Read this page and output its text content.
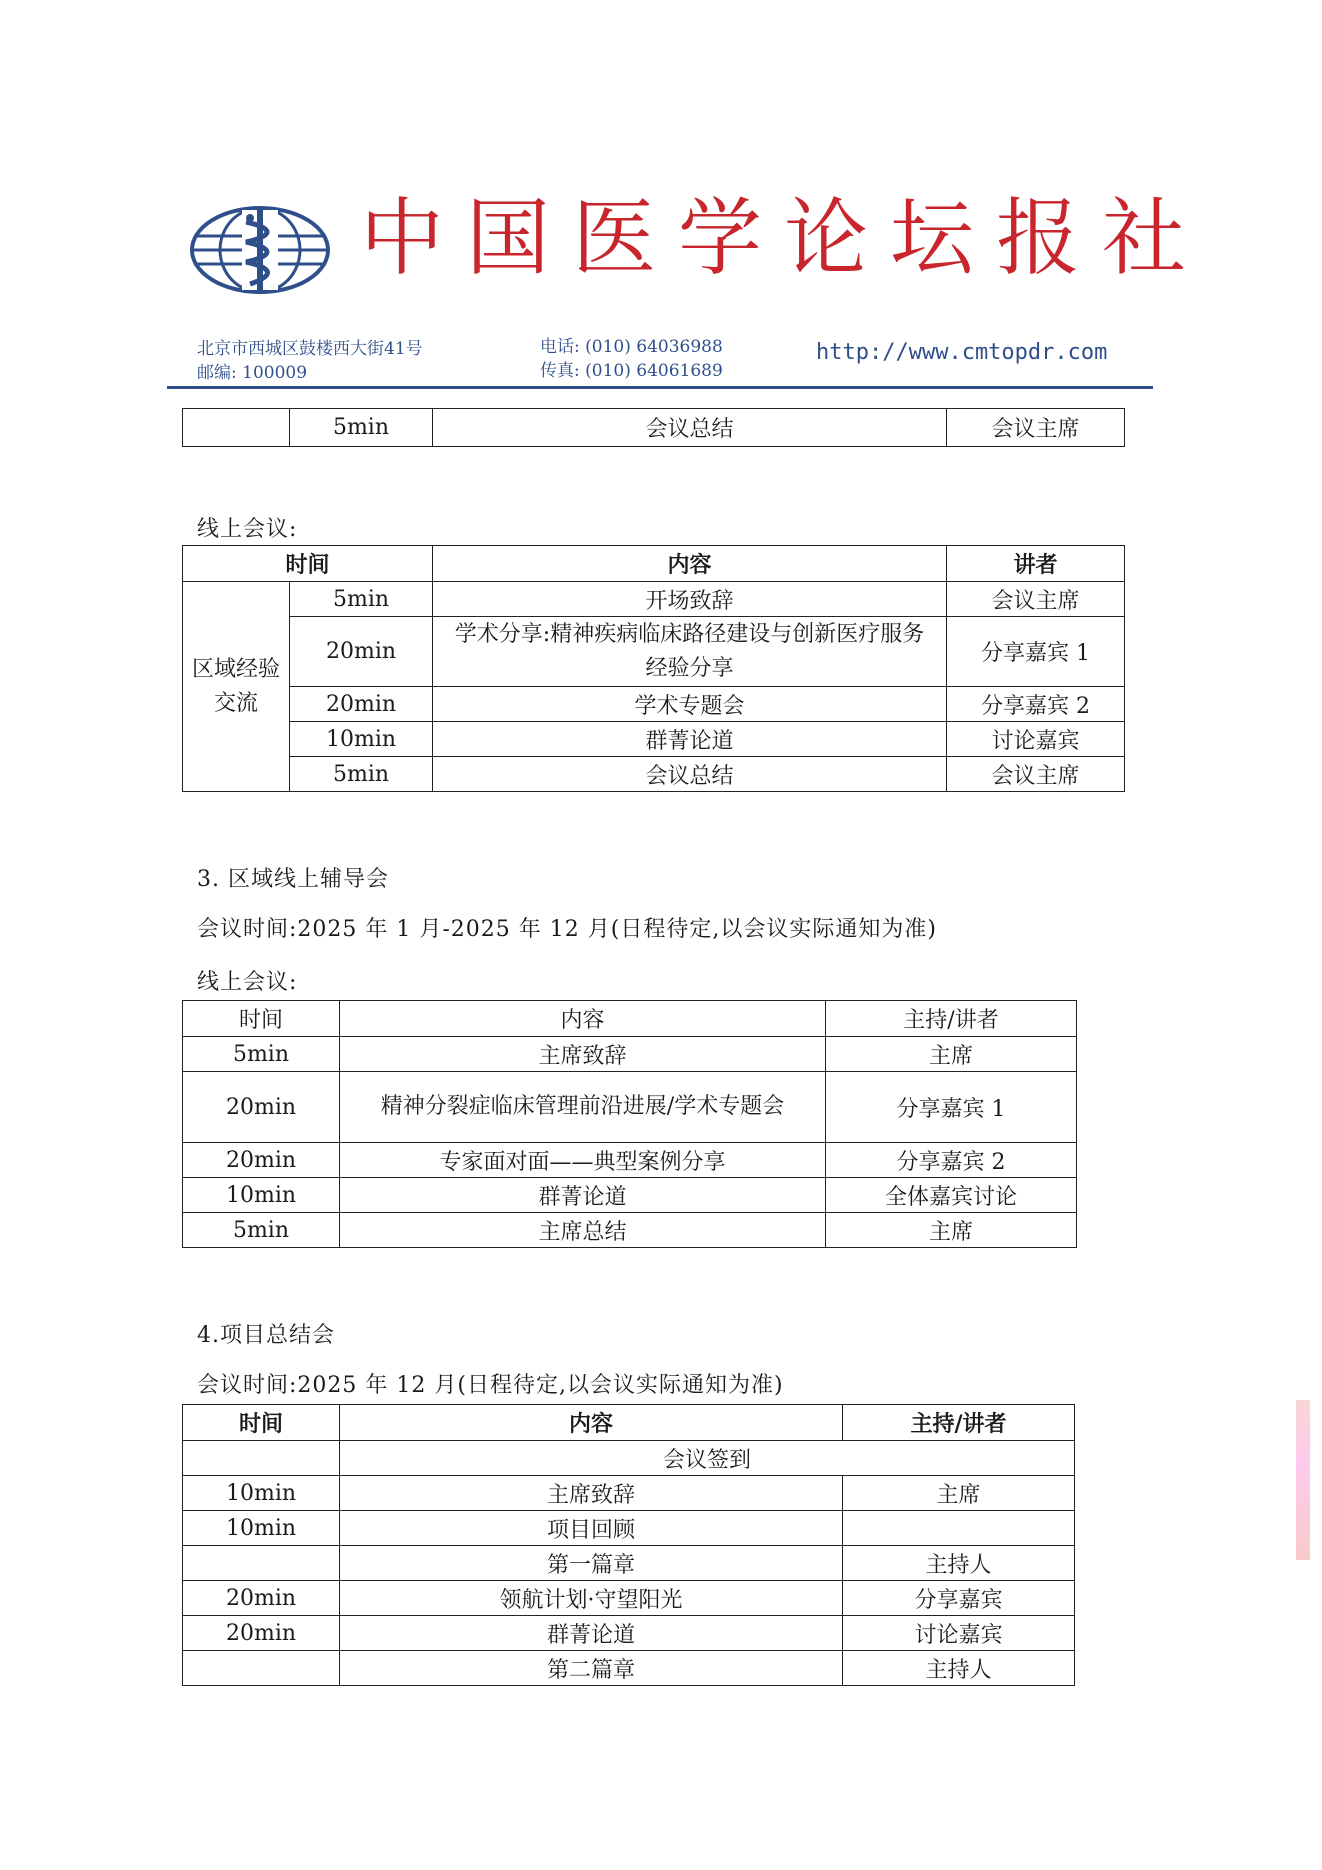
中国医学论坛报社
北京市西城区鼓楼西大街41号
邮编: 100009
电话: (010) 64036988
传真: (010) 64061689
http://www.cmtopdr.com
	5min	会议总结	会议主席
线上会议:
时间		内容	讲者
区域经验交流	5min	开场致辞	会议主席
	20min	学术分享:精神疾病临床路径建设与创新医疗服务经验分享	分享嘉宾 1
	20min	学术专题会	分享嘉宾 2
	10min	群菁论道	讨论嘉宾
	5min	会议总结	会议主席
3. 区域线上辅导会
会议时间:2025 年 1 月-2025 年 12 月(日程待定,以会议实际通知为准)
线上会议:
时间	内容	主持/讲者
5min	主席致辞	主席
20min	精神分裂症临床管理前沿进展/学术专题会	分享嘉宾 1
20min	专家面对面——典型案例分享	分享嘉宾 2
10min	群菁论道	全体嘉宾讨论
5min	主席总结	主席
4.项目总结会
会议时间:2025 年 12 月(日程待定,以会议实际通知为准)
时间	内容	主持/讲者
	会议签到	
10min	主席致辞	主席
10min	项目回顾	
	第一篇章	主持人
20min	领航计划·守望阳光	分享嘉宾
20min	群菁论道	讨论嘉宾
	第二篇章	主持人
